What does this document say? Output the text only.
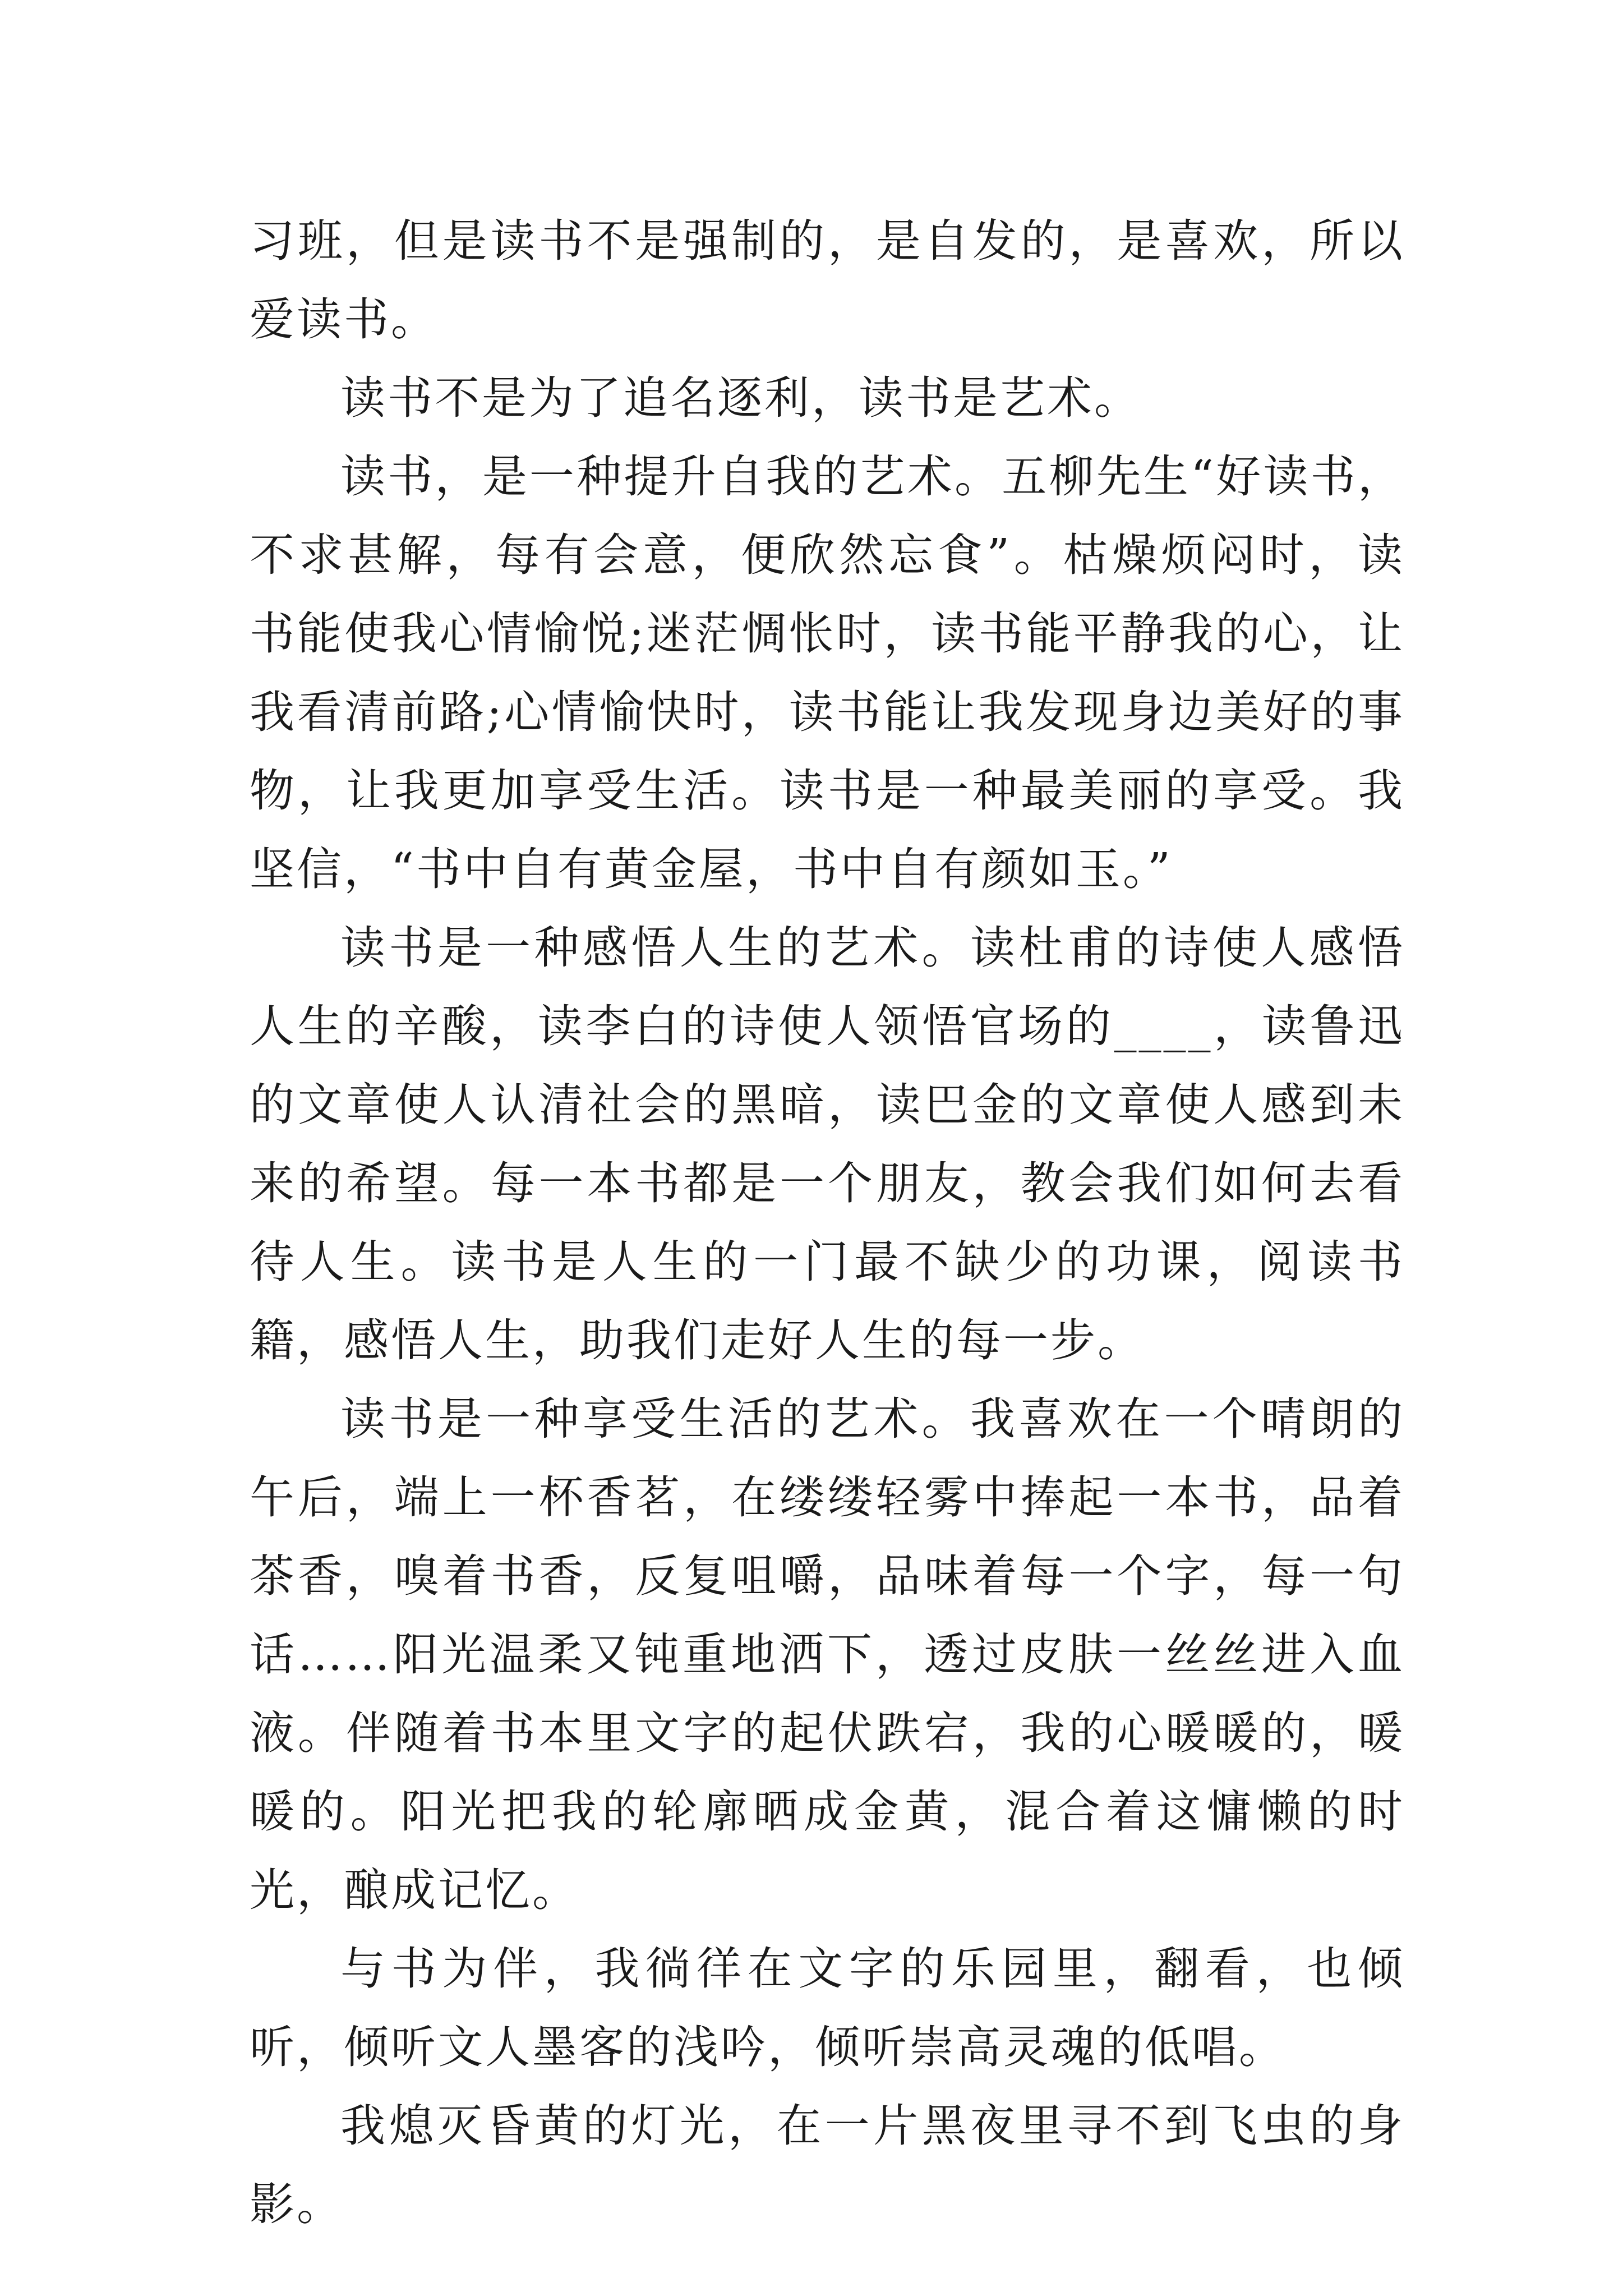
习班，但是读书不是强制的，是自发的，是喜欢，所以爱读书。

读书不是为了追名逐利，读书是艺术。

读书，是一种提升自我的艺术。五柳先生“好读书，不求甚解，每有会意，便欣然忘食”。枯燥烦闷时，读书能使我心情愉悦;迷茫惆怅时，读书能平静我的心，让我看清前路;心情愉快时，读书能让我发现身边美好的事物，让我更加享受生活。读书是一种最美丽的享受。我坚信，“书中自有黄金屋，书中自有颜如玉。”

读书是一种感悟人生的艺术。读杜甫的诗使人感悟人生的辛酸，读李白的诗使人领悟官场的____，读鲁迅的文章使人认清社会的黑暗，读巴金的文章使人感到未来的希望。每一本书都是一个朋友，教会我们如何去看待人生。读书是人生的一门最不缺少的功课，阅读书籍，感悟人生，助我们走好人生的每一步。

读书是一种享受生活的艺术。我喜欢在一个晴朗的午后，端上一杯香茗，在缕缕轻雾中捧起一本书，品着茶香，嗅着书香，反复咀嚼，品味着每一个字，每一句话……阳光温柔又钝重地洒下，透过皮肤一丝丝进入血液。伴随着书本里文字的起伏跌宕，我的心暖暖的，暖暖的。阳光把我的轮廓晒成金黄，混合着这慵懒的时光，酿成记忆。

与书为伴，我徜徉在文字的乐园里，翻看，也倾听，倾听文人墨客的浅吟，倾听崇高灵魂的低唱。

我熄灭昏黄的灯光，在一片黑夜里寻不到飞虫的身影。
